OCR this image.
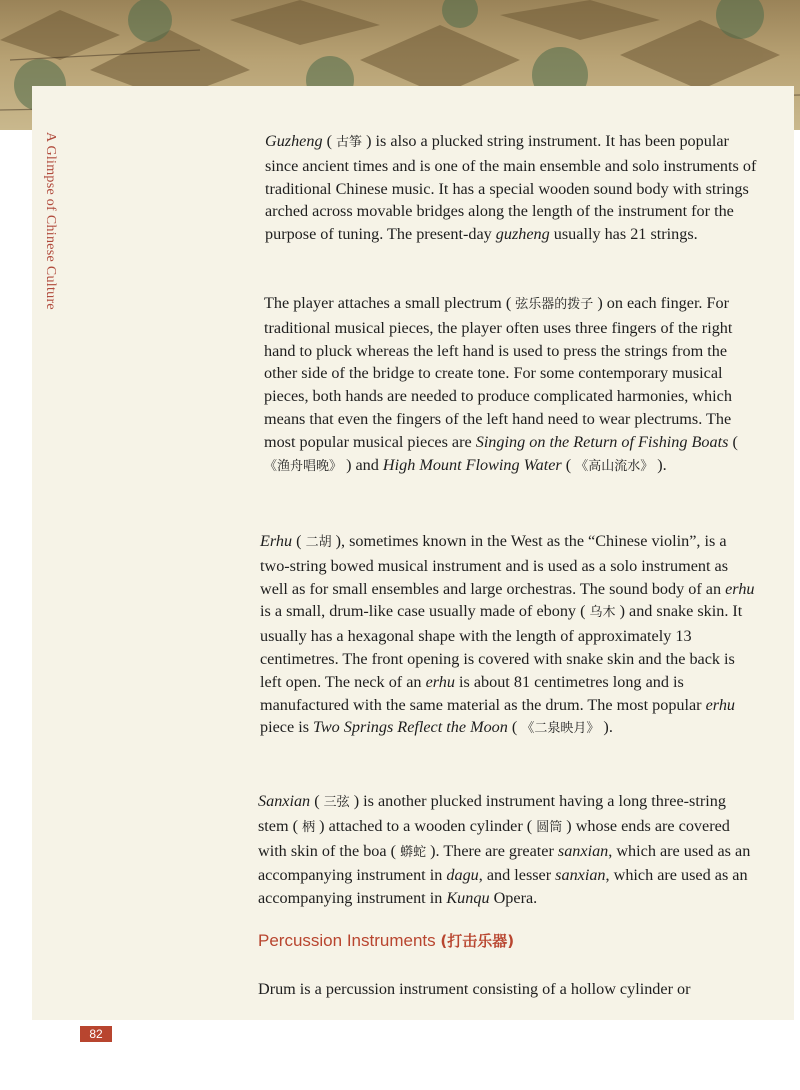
A Glimpse of Chinese Culture	Guzheng ( 古筝 ) is also a plucked string instrument. It has been popular since ancient times and is one of the main ensemble and solo instruments of traditional Chinese music. It has a special wooden sound body with strings arched across movable bridges along the length of the instrument for the purpose of tuning. The present-day guzheng usually has 21 strings.

The player attaches a small plectrum ( 弦乐器的拨子 ) on each finger. For traditional musical pieces, the player often uses three fingers of the right hand to pluck whereas the left hand is used to press the strings from the other side of the bridge to create tone. For some contemporary musical pieces, both hands are needed to produce complicated harmonies, which means that even the fingers of the left hand need to wear plectrums. The most popular musical pieces are Singing on the Return of Fishing Boats ( 《渔舟唱晚》 ) and High Mount Flowing Water ( 《高山流水》 ).

Erhu ( 二胡 ), sometimes known in the West as the “Chinese violin”, is a two-string bowed musical instrument and is used as a solo instrument as well as for small ensembles and large orchestras. The sound body of an erhu is a small, drum-like case usually made of ebony ( 乌木 ) and snake skin. It usually has a hexagonal shape with the length of approximately 13 centimetres. The front opening is covered with snake skin and the back is left open. The neck of an erhu is about 81 centimetres long and is manufactured with the same material as the drum. The most popular erhu piece is Two Springs Reflect the Moon ( 《二泉映月》 ).

Sanxian ( 三弦 ) is another plucked instrument having a long three-string stem ( 柄 ) attached to a wooden cylinder ( 圆筒 ) whose ends are covered with skin of the boa ( 蟒蛇 ). There are greater sanxian, which are used as an accompanying instrument in dagu, and lesser sanxian, which are used as an accompanying instrument in Kunqu Opera.

Percussion Instruments (打击乐器)

Drum is a percussion instrument consisting of a hollow cylinder or

82
